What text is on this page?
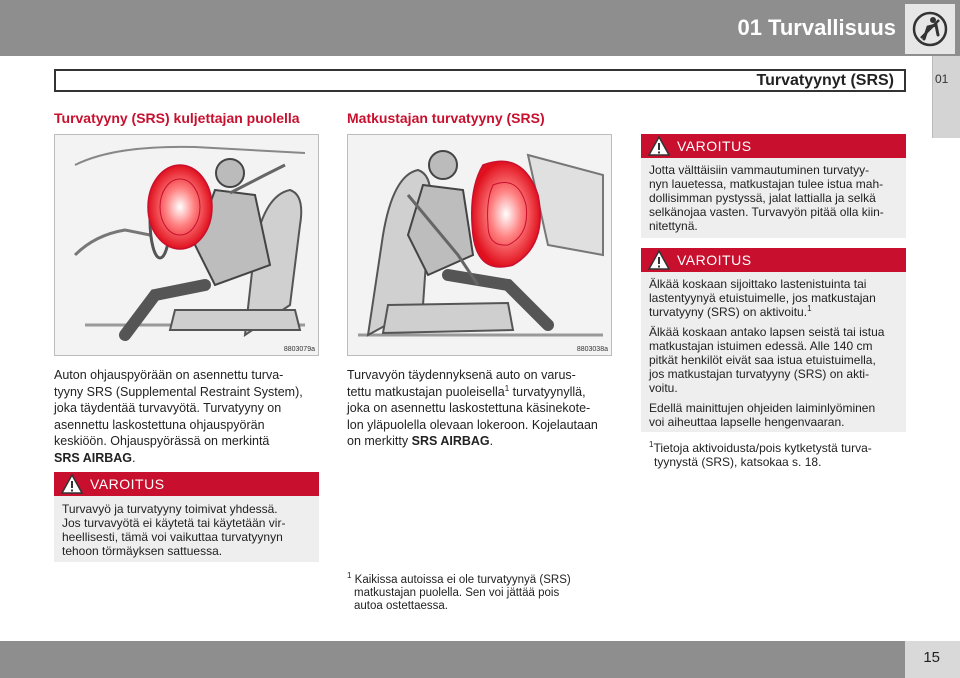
01 Turvallisuus
01
Turvatyynyt (SRS)
Turvatyyny (SRS) kuljettajan puolella	Matkustajan turvatyyny (SRS)
8803079a	8803038a
Auton ohjauspyörään on asennettu turva-
tyyny SRS (Supplemental Restraint System),
joka täydentää turvavyötä. Turvatyyny on
asennettu laskostettuna ohjauspyörän
keskiöön. Ohjauspyörässä on merkintä
SRS AIRBAG.
VAROITUS
Turvavyö ja turvatyyny toimivat yhdessä.
Jos turvavyötä ei käytetä tai käytetään vir-
heellisesti, tämä voi vaikuttaa turvatyynyn
tehoon törmäyksen sattuessa.
Turvavyön täydennyksenä auto on varus-
tettu matkustajan puoleisella$^1$ turvatyynyllä,
joka on asennettu laskostettuna käsinekote-
lon yläpuolella olevaan lokeroon. Kojelautaan
on merkitty SRS AIRBAG.
$^1$ Kaikissa autoissa ei ole turvatyynyä (SRS)
matkustajan puolella. Sen voi jättää pois
autoa ostettaessa.
VAROITUS
Jotta välttäisiin vammautuminen turvatyy-
nyn lauetessa, matkustajan tulee istua mah-
dollisimman pystyssä, jalat lattialla ja selkä
selkänojaa vasten. Turvavyön pitää olla kiin-
nitettynä.
VAROITUS
Älkää koskaan sijoittako lastenistuinta tai
lastentyynyä etuistuimelle, jos matkustajan
turvatyyny (SRS) on aktivoitu.$^1$
Älkää koskaan antako lapsen seistä tai istua
matkustajan istuimen edessä. Alle 140 cm
pitkät henkilöt eivät saa istua etuistuimella,
jos matkustajan turvatyyny (SRS) on akti-
voitu.
Edellä mainittujen ohjeiden laiminlyöminen
voi aiheuttaa lapselle hengenvaaran.
$^1$Tietoja aktivoidusta/pois kytketystä turva-
tyynystä (SRS), katsokaa s. 18.
15
